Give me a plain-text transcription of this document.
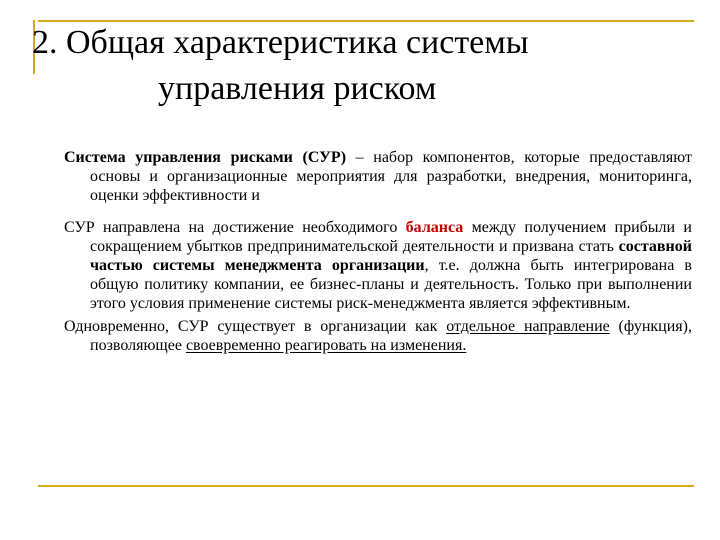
2. Общая характеристика системы
управления риском

Система управления рисками (СУР) – набор компонентов, которые предоставляют основы и организационные мероприятия для разработки, внедрения, мониторинга, оценки эффективности и

СУР направлена на достижение необходимого баланса между получением прибыли и сокращением убытков предпринимательской деятельности и призвана стать составной частью системы менеджмента организации, т.е. должна быть интегрирована в общую политику компании, ее бизнес-планы и деятельность. Только при выполнении этого условия применение системы риск-менеджмента является эффективным.

Одновременно, СУР существует в организации как отдельное направление (функция), позволяющее своевременно реагировать на изменения.
